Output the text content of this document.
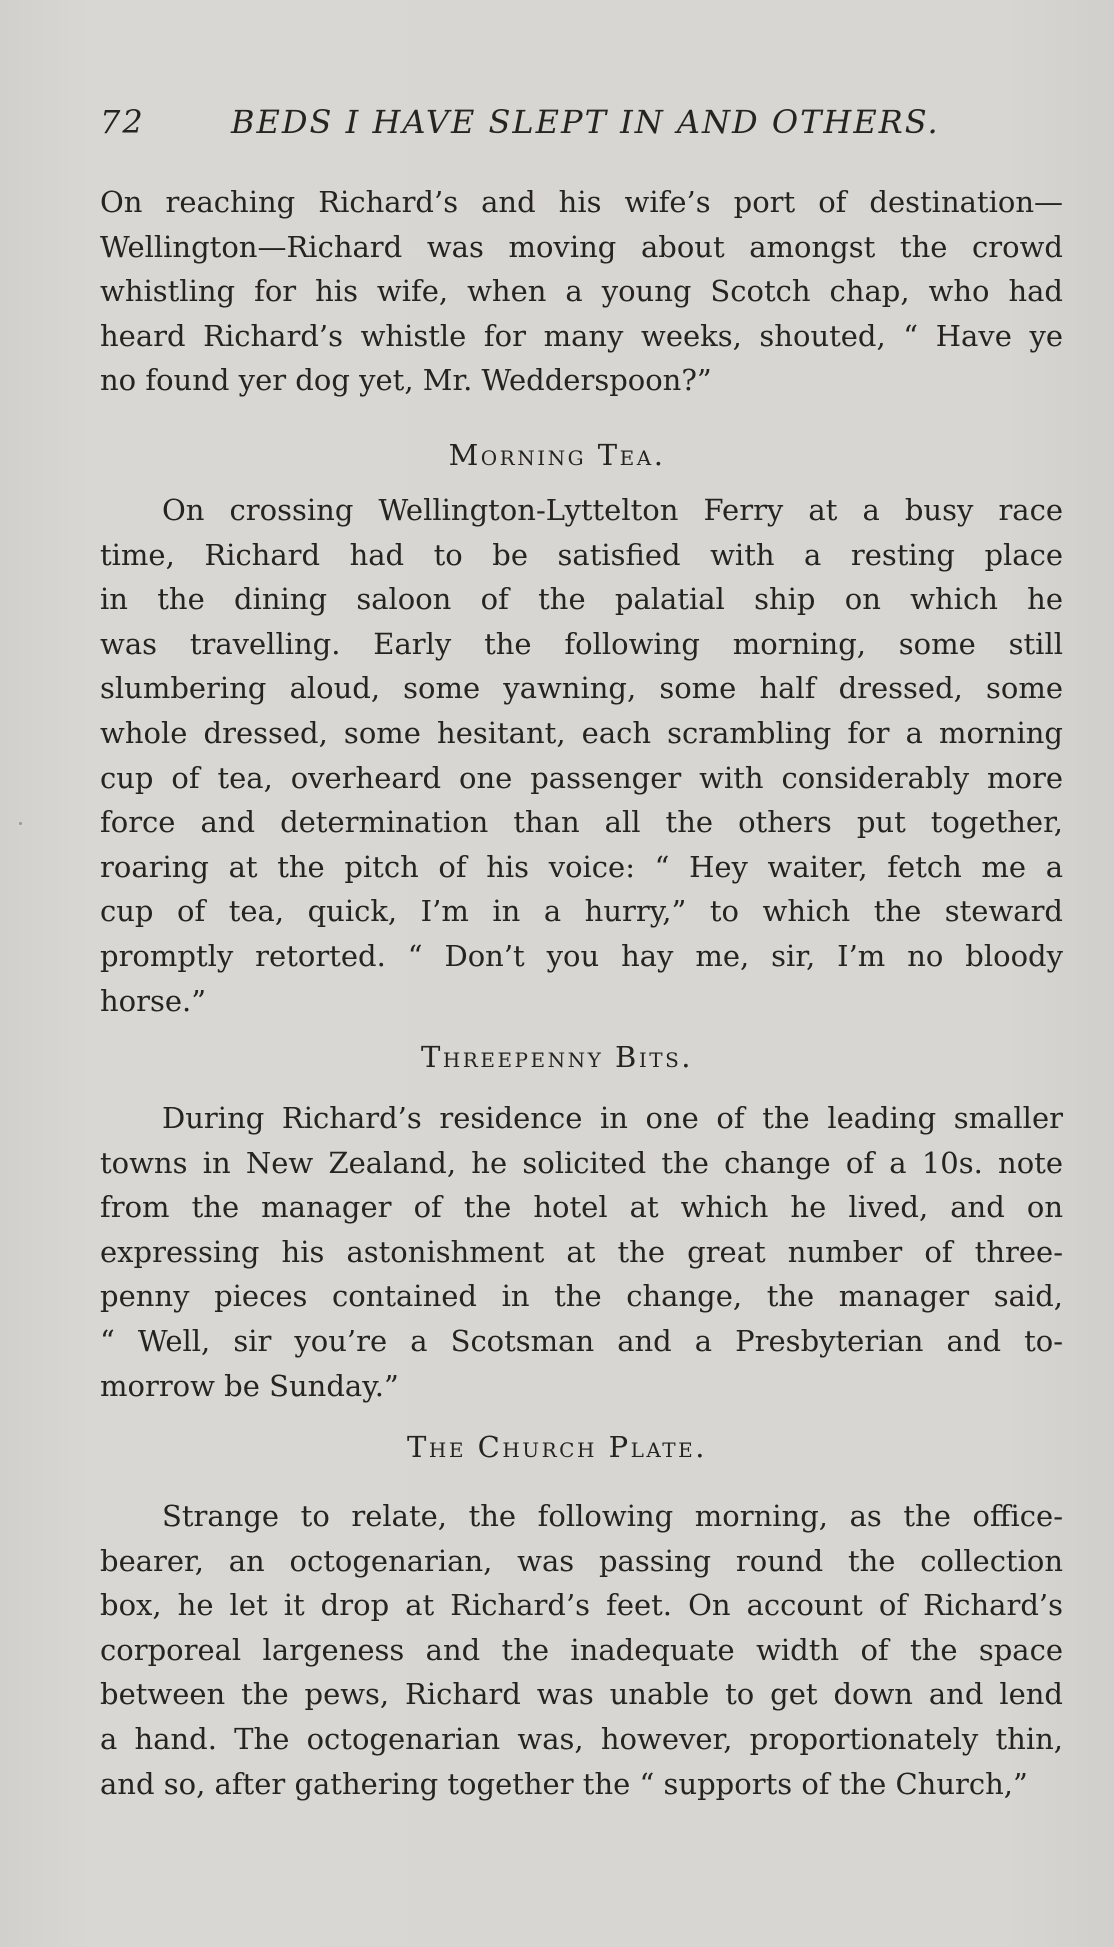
72	BEDS I HAVE SLEPT IN AND OTHERS.
On reaching Richard’s and his wife’s port of destination—
Wellington—Richard was moving about amongst the crowd
whistling for his wife, when a young Scotch chap, who had
heard Richard’s whistle for many weeks, shouted, “ Have ye
no found yer dog yet, Mr. Wedderspoon?”
Morning Tea.
On crossing Wellington-Lyttelton Ferry at a busy race
time, Richard had to be satisfied with a resting place
in the dining saloon of the palatial ship on which he
was travelling. Early the following morning, some still
slumbering aloud, some yawning, some half dressed, some
whole dressed, some hesitant, each scrambling for a morning
cup of tea, overheard one passenger with considerably more
force and determination than all the others put together,
roaring at the pitch of his voice: “ Hey waiter, fetch me a
cup of tea, quick, I’m in a hurry,” to which the steward
promptly retorted. “ Don’t you hay me, sir, I’m no bloody
horse.”
Threepenny Bits.
During Richard’s residence in one of the leading smaller
towns in New Zealand, he solicited the change of a 10s. note
from the manager of the hotel at which he lived, and on
expressing his astonishment at the great number of three-
penny pieces contained in the change, the manager said,
“ Well, sir you’re a Scotsman and a Presbyterian and to-
morrow be Sunday.”
The Church Plate.
Strange to relate, the following morning, as the office-
bearer, an octogenarian, was passing round the collection
box, he let it drop at Richard’s feet. On account of Richard’s
corporeal largeness and the inadequate width of the space
between the pews, Richard was unable to get down and lend
a hand. The octogenarian was, however, proportionately thin,
and so, after gathering together the “ supports of the Church,”
